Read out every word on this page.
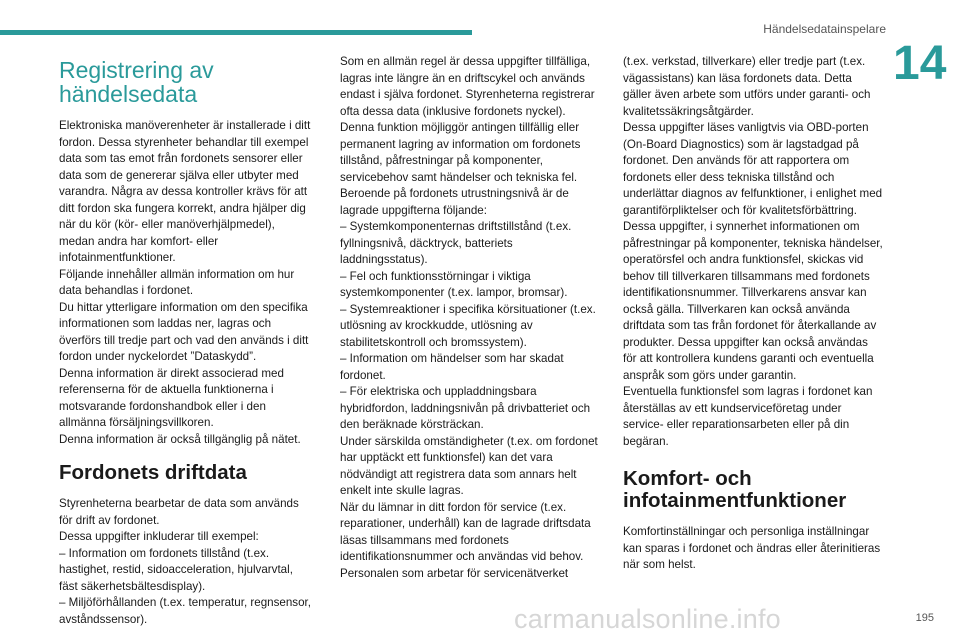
Händelsedatainspelare
14
Registrering av händelsedata

Elektroniska manöverenheter är installerade i ditt fordon. Dessa styrenheter behandlar till exempel data som tas emot från fordonets sensorer eller data som de genererar själva eller utbyter med varandra. Några av dessa kontroller krävs för att ditt fordon ska fungera korrekt, andra hjälper dig när du kör (kör- eller manöverhjälpmedel), medan andra har komfort- eller infotainmentfunktioner.

Följande innehåller allmän information om hur data behandlas i fordonet.

Du hittar ytterligare information om den specifika informationen som laddas ner, lagras och överförs till tredje part och vad den används i ditt fordon under nyckelordet ”Dataskydd”.

Denna information är direkt associerad med referenserna för de aktuella funktionerna i motsvarande fordonshandbok eller i den allmänna försäljningsvillkoren.

Denna information är också tillgänglig på nätet.

Fordonets driftdata

Styrenheterna bearbetar de data som används för drift av fordonet.

Dessa uppgifter inkluderar till exempel:

– Information om fordonets tillstånd (t.ex. hastighet, restid, sidoacceleration, hjulvarvtal, fäst säkerhetsbältesdisplay).

– Miljöförhållanden (t.ex. temperatur, regnsensor, avståndssensor).

Som en allmän regel är dessa uppgifter tillfälliga, lagras inte längre än en driftscykel och används endast i själva fordonet. Styrenheterna registrerar ofta dessa data (inklusive fordonets nyckel). Denna funktion möjliggör antingen tillfällig eller permanent lagring av information om fordonets tillstånd, påfrestningar på komponenter, servicebehov samt händelser och tekniska fel.

Beroende på fordonets utrustningsnivå är de lagrade uppgifterna följande:

– Systemkomponenternas driftstillstånd (t.ex. fyllningsnivå, däcktryck, batteriets laddningsstatus).

– Fel och funktionsstörningar i viktiga systemkomponenter (t.ex. lampor, bromsar).

– Systemreaktioner i specifika körsituationer (t.ex. utlösning av krockkudde, utlösning av stabilitetskontroll och bromssystem).

– Information om händelser som har skadat fordonet.

– För elektriska och uppladdningsbara hybridfordon, laddningsnivån på drivbatteriet och den beräknade körsträckan.

Under särskilda omständigheter (t.ex. om fordonet har upptäckt ett funktionsfel) kan det vara nödvändigt att registrera data som annars helt enkelt inte skulle lagras.

När du lämnar in ditt fordon för service (t.ex. reparationer, underhåll) kan de lagrade driftsdata läsas tillsammans med fordonets identifikationsnummer och användas vid behov. Personalen som arbetar för servicenätverket

(t.ex. verkstad, tillverkare) eller tredje part (t.ex. vägassistans) kan läsa fordonets data. Detta gäller även arbete som utförs under garanti- och kvalitetssäkringsåtgärder.

Dessa uppgifter läses vanligtvis via OBD-porten (On-Board Diagnostics) som är lagstadgad på fordonet. Den används för att rapportera om fordonets eller dess tekniska tillstånd och underlättar diagnos av felfunktioner, i enlighet med garantiförpliktelser och för kvalitetsförbättring. Dessa uppgifter, i synnerhet informationen om påfrestningar på komponenter, tekniska händelser, operatörsfel och andra funktionsfel, skickas vid behov till tillverkaren tillsammans med fordonets identifikationsnummer. Tillverkarens ansvar kan också gälla. Tillverkaren kan också använda driftdata som tas från fordonet för återkallande av produkter. Dessa uppgifter kan också användas för att kontrollera kundens garanti och eventuella anspråk som görs under garantin.

Eventuella funktionsfel som lagras i fordonet kan återställas av ett kundserviceföretag under service- eller reparationsarbeten eller på din begäran.

Komfort- och infotainmentfunktioner

Komfortinställningar och personliga inställningar kan sparas i fordonet och ändras eller återinitieras när som helst.

carmanualsonline.info	195
